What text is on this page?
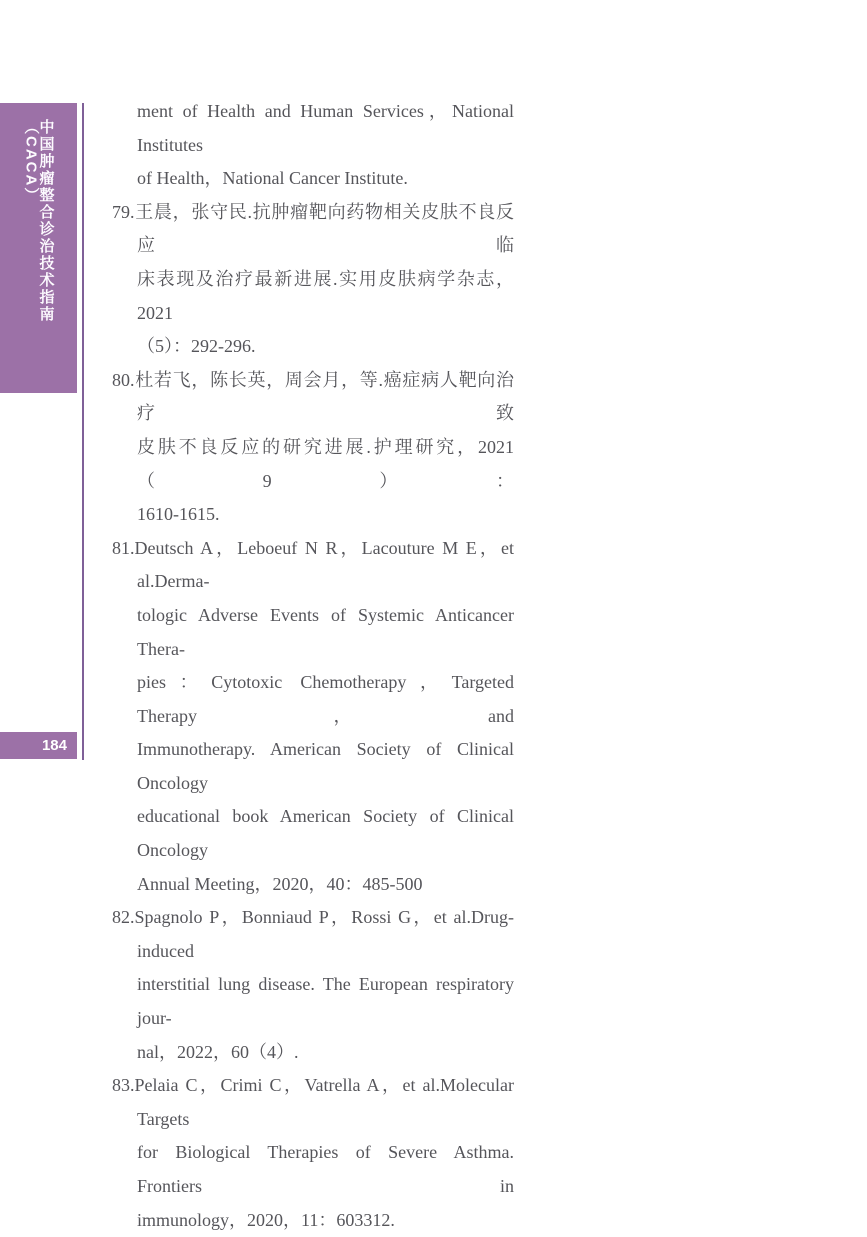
中国肿瘤整合诊治技术指南（CACA）
184
ment of Health and Human Services，National Institutes
of Health，National Cancer Institute.
79.王晨，张守民.抗肿瘤靶向药物相关皮肤不良反应临
床表现及治疗最新进展.实用皮肤病学杂志，2021
（5）：292-296.
80.杜若飞，陈长英，周会月，等.癌症病人靶向治疗致
皮肤不良反应的研究进展.护理研究，2021（9）：
1610-1615.
81.Deutsch A，Leboeuf N R，Lacouture M E，et al.Derma-
tologic Adverse Events of Systemic Anticancer Thera-
pies：Cytotoxic Chemotherapy，Targeted Therapy，and
Immunotherapy. American Society of Clinical Oncology
educational book American Society of Clinical Oncology
Annual Meeting，2020，40：485-500
82.Spagnolo P，Bonniaud P，Rossi G，et al.Drug-induced
interstitial lung disease. The European respiratory jour-
nal，2022，60（4）.
83.Pelaia C，Crimi C，Vatrella A，et al.Molecular Targets
for Biological Therapies of Severe Asthma. Frontiers in
immunology，2020，11：603312.
